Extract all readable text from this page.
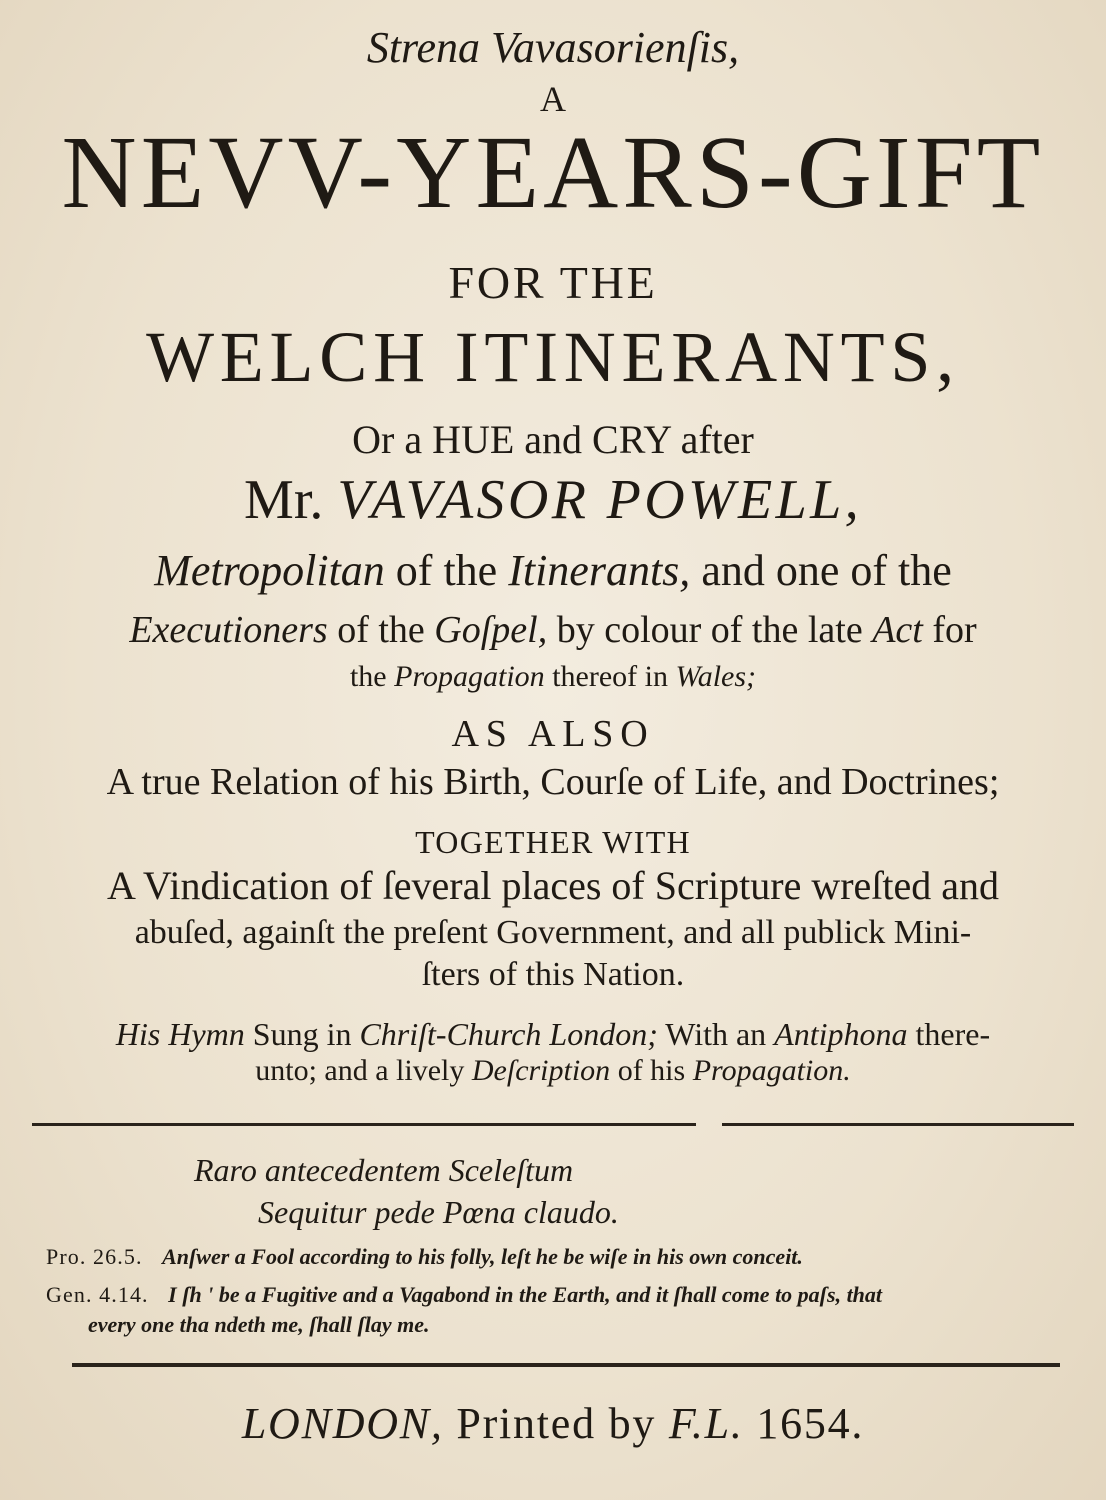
Strena Vavasorienſis,
A
NEVV-YEARS-GIFT
FOR THE
WELCH ITINERANTS,
Or a HUE and CRY after
Mr. VAVASOR POWELL,
Metropolitan of the Itinerants, and one of the
Executioners of the Goſpel, by colour of the late Act for
the Propagation thereof in Wales;
AS ALSO
A true Relation of his Birth, Courſe of Life, and Doctrines;
TOGETHER WITH
A Vindication of ſeveral places of Scripture wreſted and
abuſed, againſt the preſent Government, and all publick Mini-
ſters of this Nation.
His Hymn Sung in Chriſt-Church London; With an Antiphona there-
unto; and a lively Deſcription of his Propagation.
Raro antecedentem Sceleſtum
Sequitur pede Pœna claudo.
Pro. 26.5. Anſwer a Fool according to his folly, leſt he be wiſe in his own conceit.
Gen. 4.14. I ſh ' be a Fugitive and a Vagabond in the Earth, and it ſhall come to paſs, that
every one tha ndeth me, ſhall ſlay me.
LONDON, Printed by F.L. 1654.
